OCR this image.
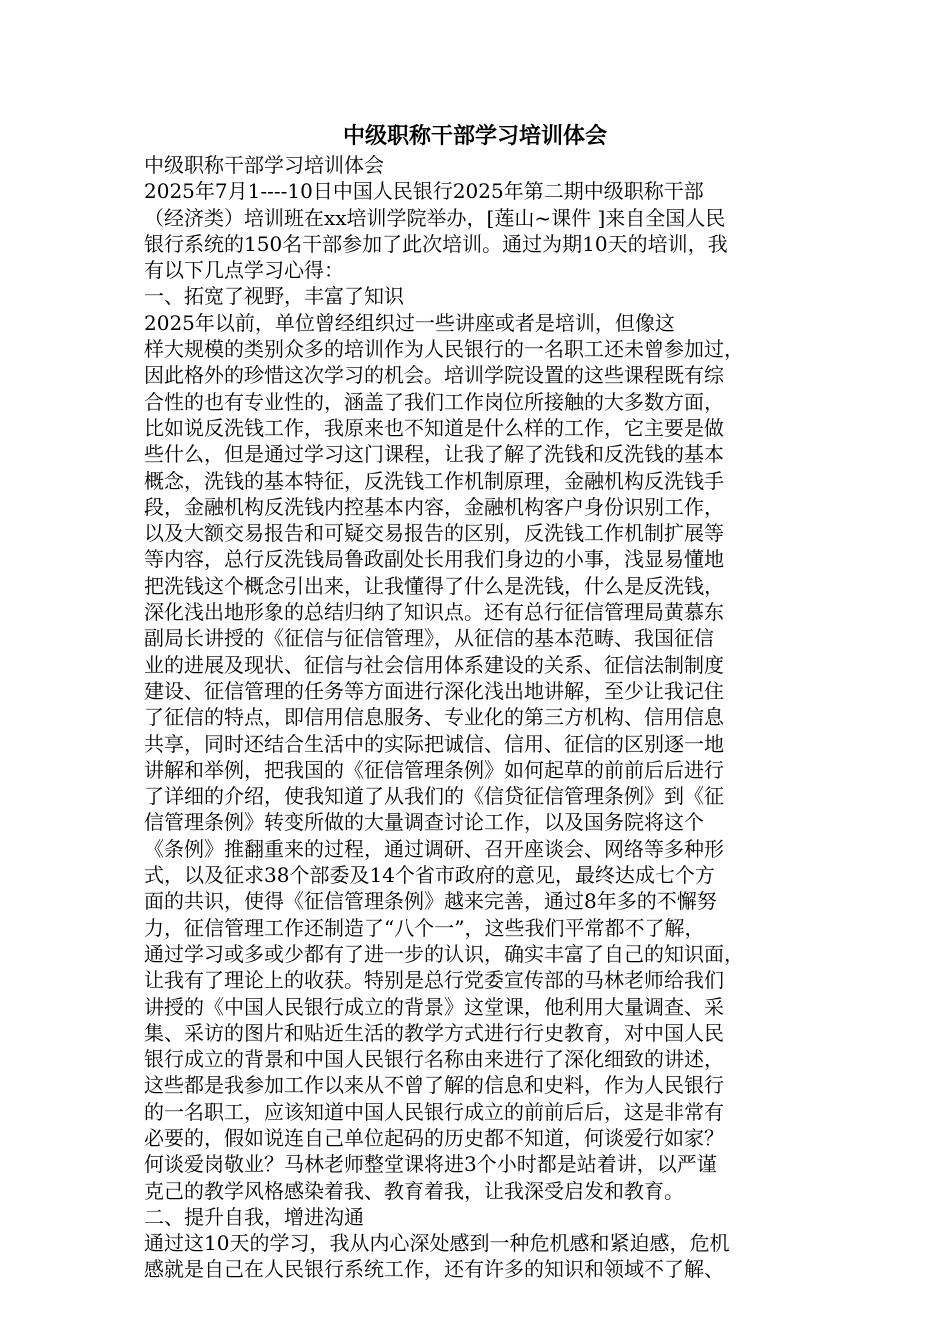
中级职称干部学习培训体会
中级职称干部学习培训体会
2025年7月1----10日中国人民银行2025年第二期中级职称干部
（经济类）培训班在xx培训学院举办，[莲山~课件 ]来自全国人民
银行系统的150名干部参加了此次培训。通过为期10天的培训，我
有以下几点学习心得：
一、拓宽了视野，丰富了知识
2025年以前，单位曾经组织过一些讲座或者是培训，但像这
样大规模的类别众多的培训作为人民银行的一名职工还未曾参加过，
因此格外的珍惜这次学习的机会。培训学院设置的这些课程既有综
合性的也有专业性的，涵盖了我们工作岗位所接触的大多数方面，
比如说反洗钱工作，我原来也不知道是什么样的工作，它主要是做
些什么，但是通过学习这门课程，让我了解了洗钱和反洗钱的基本
概念，洗钱的基本特征，反洗钱工作机制原理，金融机构反洗钱手
段，金融机构反洗钱内控基本内容，金融机构客户身份识别工作，
以及大额交易报告和可疑交易报告的区别，反洗钱工作机制扩展等
等内容，总行反洗钱局鲁政副处长用我们身边的小事，浅显易懂地
把洗钱这个概念引出来，让我懂得了什么是洗钱，什么是反洗钱，
深化浅出地形象的总结归纳了知识点。还有总行征信管理局黄慕东
副局长讲授的《征信与征信管理》，从征信的基本范畴、我国征信
业的进展及现状、征信与社会信用体系建设的关系、征信法制制度
建设、征信管理的任务等方面进行深化浅出地讲解，至少让我记住
了征信的特点，即信用信息服务、专业化的第三方机构、信用信息
共享，同时还结合生活中的实际把诚信、信用、征信的区别逐一地
讲解和举例，把我国的《征信管理条例》如何起草的前前后后进行
了详细的介绍，使我知道了从我们的《信贷征信管理条例》到《征
信管理条例》转变所做的大量调查讨论工作，以及国务院将这个
《条例》推翻重来的过程，通过调研、召开座谈会、网络等多种形
式，以及征求38个部委及14个省市政府的意见，最终达成七个方
面的共识，使得《征信管理条例》越来完善，通过8年多的不懈努
力，征信管理工作还制造了“八个一”，这些我们平常都不了解，
通过学习或多或少都有了进一步的认识，确实丰富了自己的知识面，
让我有了理论上的收获。特别是总行党委宣传部的马林老师给我们
讲授的《中国人民银行成立的背景》这堂课，他利用大量调查、采
集、采访的图片和贴近生活的教学方式进行行史教育，对中国人民
银行成立的背景和中国人民银行名称由来进行了深化细致的讲述，
这些都是我参加工作以来从不曾了解的信息和史料，作为人民银行
的一名职工，应该知道中国人民银行成立的前前后后，这是非常有
必要的，假如说连自己单位起码的历史都不知道，何谈爱行如家？
何谈爱岗敬业？马林老师整堂课将进3个小时都是站着讲，以严谨
克己的教学风格感染着我、教育着我，让我深受启发和教育。
二、提升自我，增进沟通
通过这10天的学习，我从内心深处感到一种危机感和紧迫感，危机
感就是自己在人民银行系统工作，还有许多的知识和领域不了解、
